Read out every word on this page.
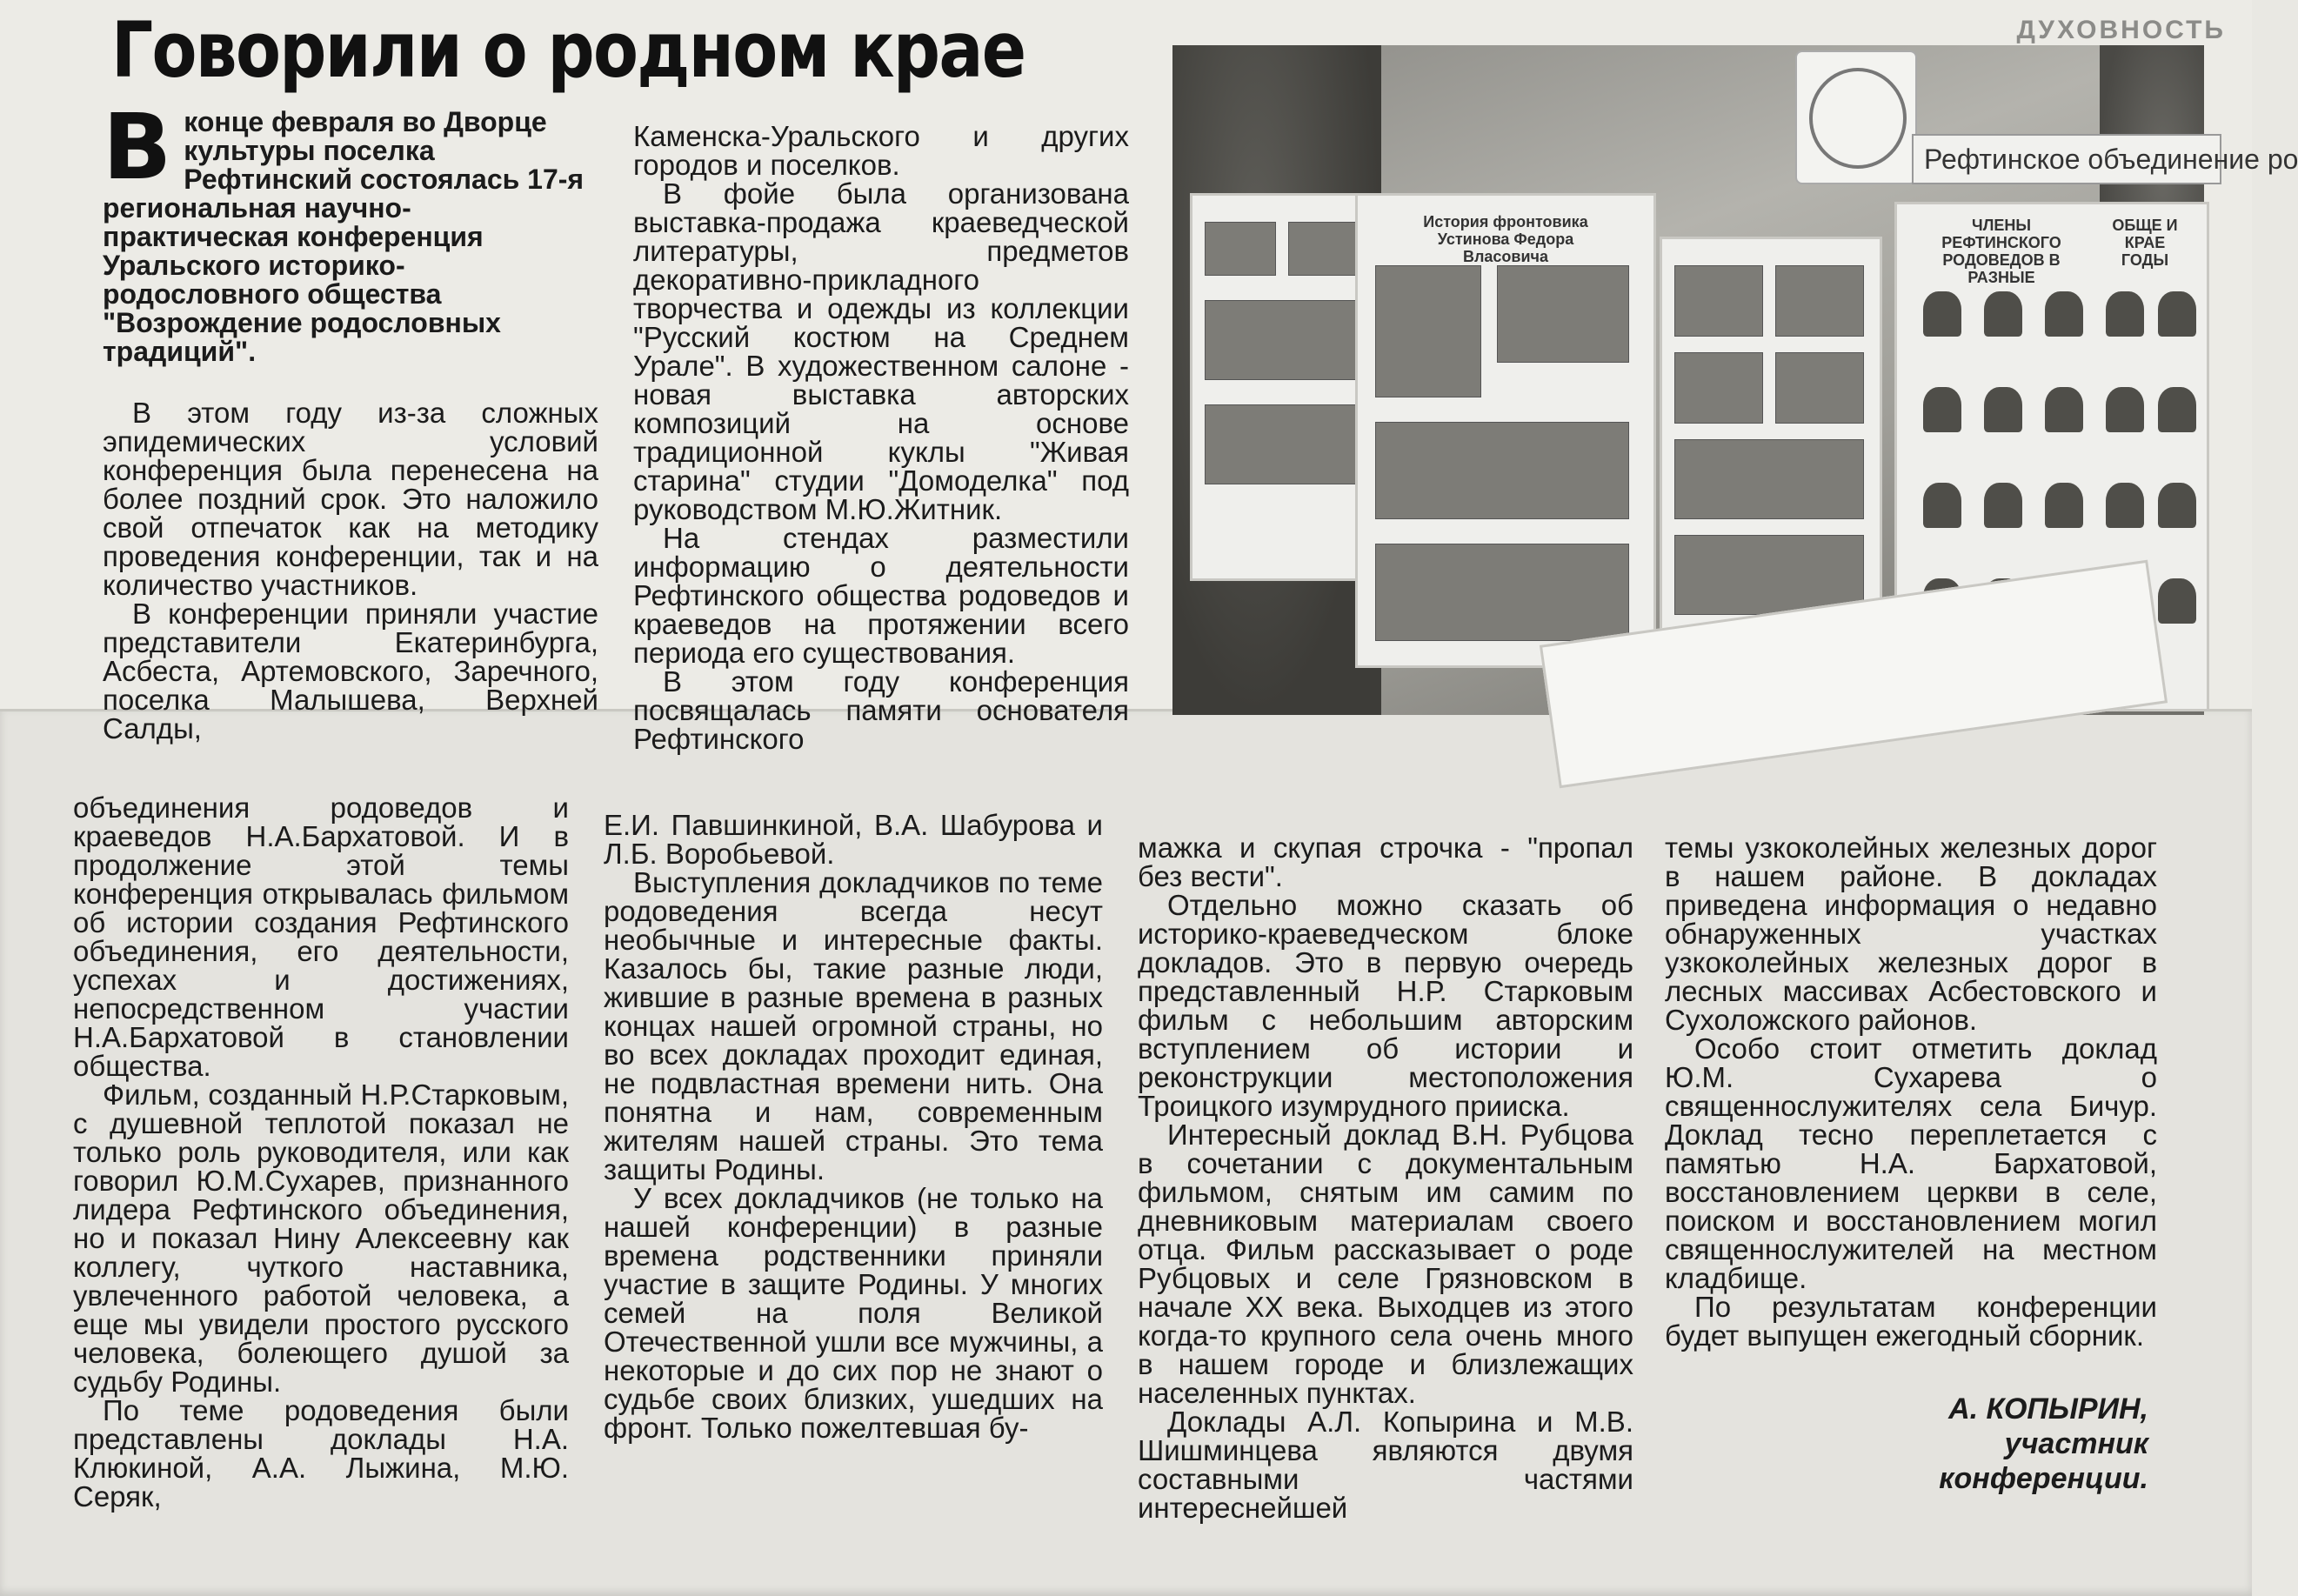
ДУХОВНОСТЬ
Говорили о родном крае
Вконце февраля во Дворце культуры поселка Рефтинский состоялась 17-я региональная научно-практическая конференция Уральского историко-родословного общества "Возрождение родословных традиций".

В этом году из-за сложных эпидемических условий конференция была перенесена на более поздний срок. Это наложило свой отпечаток как на методику проведения конференции, так и на количество участников.

В конференции приняли участие представители Екатеринбурга, Асбеста, Артемовского, Заречного, поселка Малышева, Верхней Салды,

Каменска-Уральского и других городов и поселков.

В фойе была организована выставка-продажа краеведческой литературы, предметов декоративно-прикладного творчества и одежды из коллекции "Русский костюм на Среднем Урале". В художественном салоне - новая выставка авторских композиций на основе традиционной куклы "Живая старина" студии "Домоделка" под руководством М.Ю.Житник.

На стендах разместили информацию о деятельности Рефтинского общества родоведов и краеведов на протяжении всего периода его существования.

В этом году конференция посвящалась памяти основателя Рефтинского

Рефтинское объединение ро
История фронтовика Устинова Федора Власовича
ЧЛЕНЫ РЕФТИНСКОГО РОДОВЕДОВ В РАЗНЫЕ
ОБЩЕ И КРАЕ ГОДЫ

объединения родоведов и краеведов Н.А.Бархатовой. И в продолжение этой темы конференция открывалась фильмом об истории создания Рефтинского объединения, его деятельности, успехах и достижениях, непосредственном участии Н.А.Бархатовой в становлении общества.

Фильм, созданный Н.Р.Старковым, с душевной теплотой показал не только роль руководителя, или как говорил Ю.М.Сухарев, признанного лидера Рефтинского объединения, но и показал Нину Алексеевну как коллегу, чуткого наставника, увлеченного работой человека, а еще мы увидели простого русского человека, болеющего душой за судьбу Родины.

По теме родоведения были представлены доклады Н.А. Клюкиной, А.А. Лыжина, М.Ю. Серяк,

Е.И. Павшинкиной, В.А. Шабурова и Л.Б. Воробьевой.

Выступления докладчиков по теме родоведения всегда несут необычные и интересные факты. Казалось бы, такие разные люди, жившие в разные времена в разных концах нашей огромной страны, но во всех докладах проходит единая, не подвластная времени нить. Она понятна и нам, современным жителям нашей страны. Это тема защиты Родины.

У всех докладчиков (не только на нашей конференции) в разные времена родственники приняли участие в защите Родины. У многих семей на поля Великой Отечественной ушли все мужчины, а некоторые и до сих пор не знают о судьбе своих близких, ушедших на фронт. Только пожелтевшая бу-

мажка и скупая строчка - "пропал без вести".

Отдельно можно сказать об историко-краеведческом блоке докладов. Это в первую очередь представленный Н.Р. Старковым фильм с небольшим авторским вступлением об истории и реконструкции местоположения Троицкого изумрудного прииска.

Интересный доклад В.Н. Рубцова в сочетании с документальным фильмом, снятым им самим по дневниковым материалам своего отца. Фильм рассказывает о роде Рубцовых и селе Грязновском в начале XX века. Выходцев из этого когда-то крупного села очень много в нашем городе и близлежащих населенных пунктах.

Доклады А.Л. Копырина и М.В. Шишминцева являются двумя составными частями интереснейшей

темы узкоколейных железных дорог в нашем районе. В докладах приведена информация о недавно обнаруженных участках узкоколейных железных дорог в лесных массивах Асбестовского и Сухоложского районов.

Особо стоит отметить доклад Ю.М. Сухарева о священнослужителях села Бичур. Доклад тесно переплетается с памятью Н.А. Бархатовой, восстановлением церкви в селе, поиском и восстановлением могил священнослужителей на местном кладбище.

По результатам конференции будет выпущен ежегодный сборник.

А. КОПЫРИН,
участник
конференции.
